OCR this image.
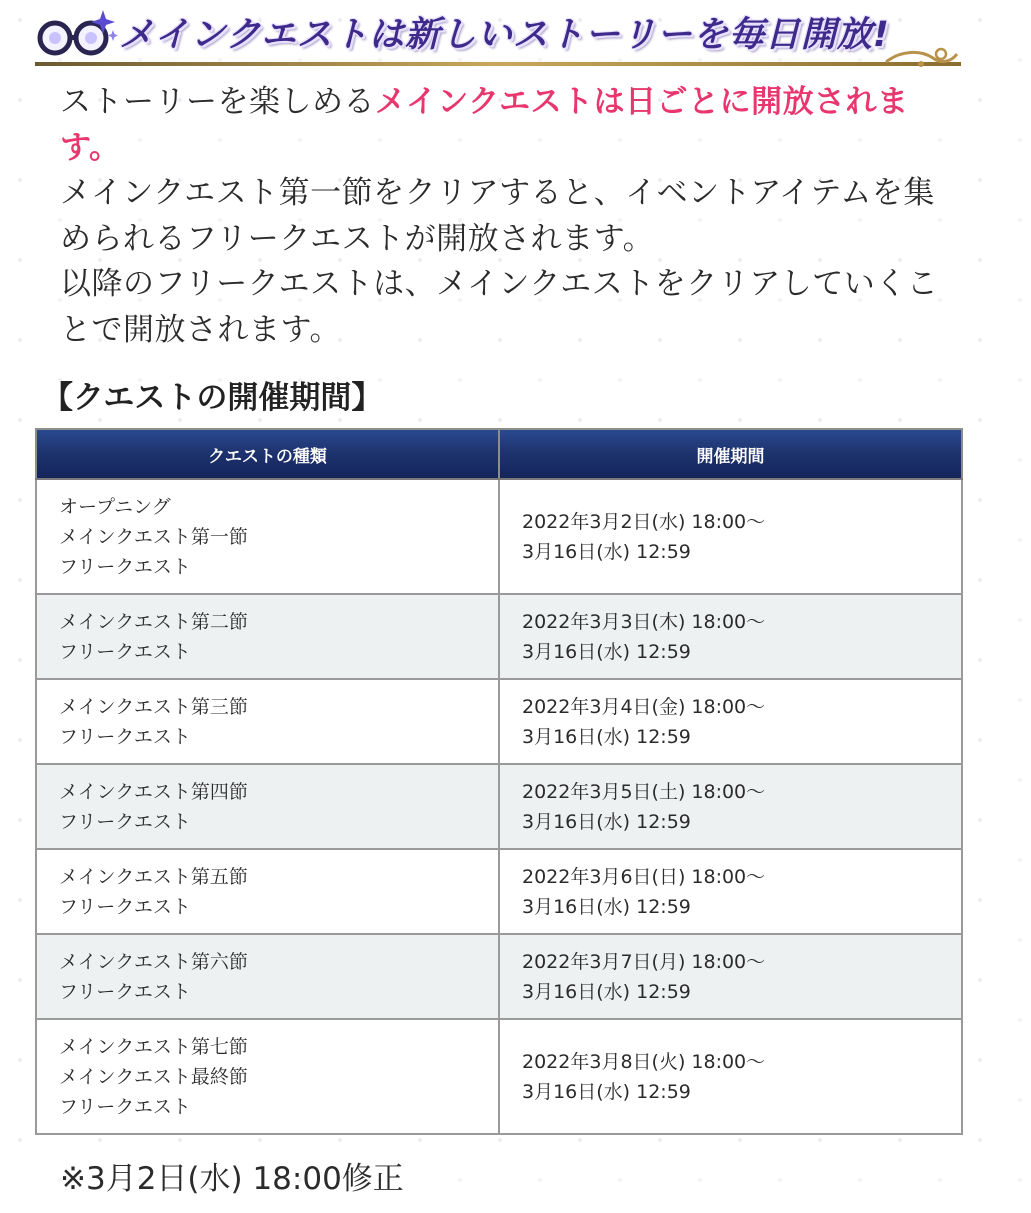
メインクエストは新しいストーリーを毎日開放!

ストーリーを楽しめるメインクエストは日ごとに開放されます。

メインクエスト第一節をクリアすると、イベントアイテムを集められるフリークエストが開放されます。

以降のフリークエストは、メインクエストをクリアしていくことで開放されます。

【クエストの開催期間】
クエストの種類	開催期間

オープニング
メインクエスト第一節
フリークエスト	2022年3月2日(水) 18:00〜
3月16日(水) 12:59

メインクエスト第二節
フリークエスト	2022年3月3日(木) 18:00〜
3月16日(水) 12:59

メインクエスト第三節
フリークエスト	2022年3月4日(金) 18:00〜
3月16日(水) 12:59

メインクエスト第四節
フリークエスト	2022年3月5日(土) 18:00〜
3月16日(水) 12:59

メインクエスト第五節
フリークエスト	2022年3月6日(日) 18:00〜
3月16日(水) 12:59

メインクエスト第六節
フリークエスト	2022年3月7日(月) 18:00〜
3月16日(水) 12:59

メインクエスト第七節
メインクエスト最終節
フリークエスト	2022年3月8日(火) 18:00〜
3月16日(水) 12:59
※3月2日(水) 18:00修正
